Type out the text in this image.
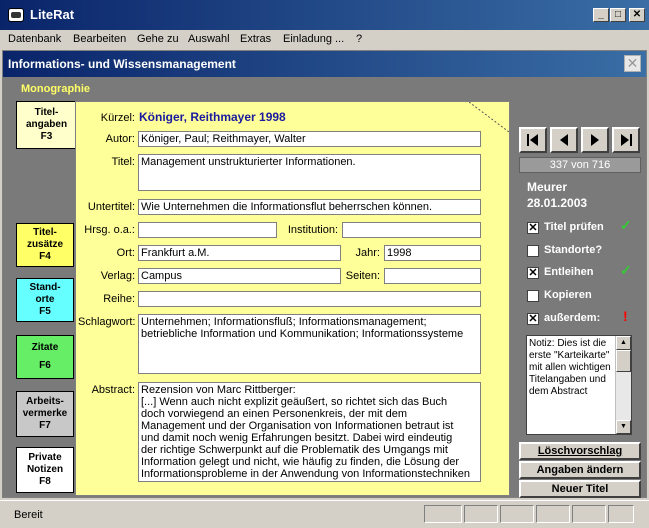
LiteRat	_	□	✕
Datenbank Bearbeiten Gehe zu Auswahl Extras Einladung ... ?
Informations- und Wissensmanagement	✕
Monographie
Titel-
angaben
F3
Titel-
zusätze
F4
Stand-
orte
F5
Zitate
F6
Arbeits-
vermerke
F7
Private
Notizen
F8
Kürzel: Königer, Reithmayer 1998
Autor: Königer, Paul; Reithmayer, Walter
Titel: Management unstrukturierter Informationen.
Untertitel: Wie Unternehmen die Informationsflut beherrschen können.
Hrsg. o.a.:	Institution:
Ort: Frankfurt a.M.	Jahr: 1998
Verlag: Campus	Seiten:
Reihe:
Schlagwort: Unternehmen; Informationsfluß; Informationsmanagement;
betriebliche Information und Kommunikation; Informationssysteme
Abstract: Rezension von Marc Rittberger:
[...] Wenn auch nicht explizit geäußert, so richtet sich das Buch
doch vorwiegend an einen Personenkreis, der mit dem
Management und der Organisation von Informationen betraut ist
und damit noch wenig Erfahrungen besitzt. Dabei wird eindeutig
der richtige Schwerpunkt auf die Problematik des Umgangs mit
Information gelegt und nicht, wie häufig zu finden, die Lösung der
Informationsprobleme in der Anwendung von Informationstechniken
337 von 716
Meurer
28.01.2003
✕ Titel prüfen ✓
Standorte?
✕ Entleihen ✓
Kopieren
✕ außerdem: !
Notiz: Dies ist die erste "Karteikarte" mit allen wichtigen Titelangaben und dem Abstract
▲
▼
Löschvorschlag
Angaben ändern
Neuer Titel
Bereit
